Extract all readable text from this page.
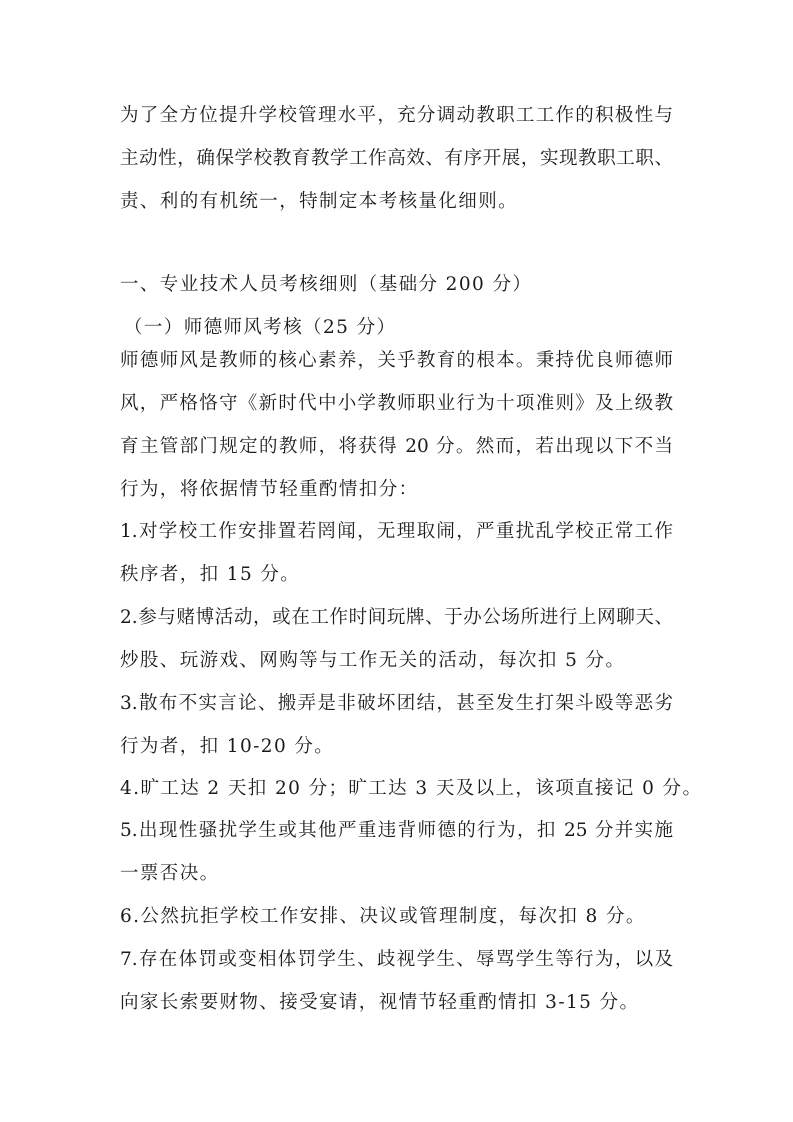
为了全方位提升学校管理水平，充分调动教职工工作的积极性与
主动性，确保学校教育教学工作高效、有序开展，实现教职工职、
责、利的有机统一，特制定本考核量化细则。
一、专业技术人员考核细则（基础分 200 分）
（一）师德师风考核（25 分）
师德师风是教师的核心素养，关乎教育的根本。秉持优良师德师
风，严格恪守《新时代中小学教师职业行为十项准则》及上级教
育主管部门规定的教师，将获得 20 分。然而，若出现以下不当
行为，将依据情节轻重酌情扣分：
1.对学校工作安排置若罔闻，无理取闹，严重扰乱学校正常工作
秩序者，扣 15 分。
2.参与赌博活动，或在工作时间玩牌、于办公场所进行上网聊天、
炒股、玩游戏、网购等与工作无关的活动，每次扣 5 分。
3.散布不实言论、搬弄是非破坏团结，甚至发生打架斗殴等恶劣
行为者，扣 10-20 分。
4.旷工达 2 天扣 20 分；旷工达 3 天及以上，该项直接记 0 分。
5.出现性骚扰学生或其他严重违背师德的行为，扣 25 分并实施
一票否决。
6.公然抗拒学校工作安排、决议或管理制度，每次扣 8 分。
7.存在体罚或变相体罚学生、歧视学生、辱骂学生等行为，以及
向家长索要财物、接受宴请，视情节轻重酌情扣 3-15 分。
